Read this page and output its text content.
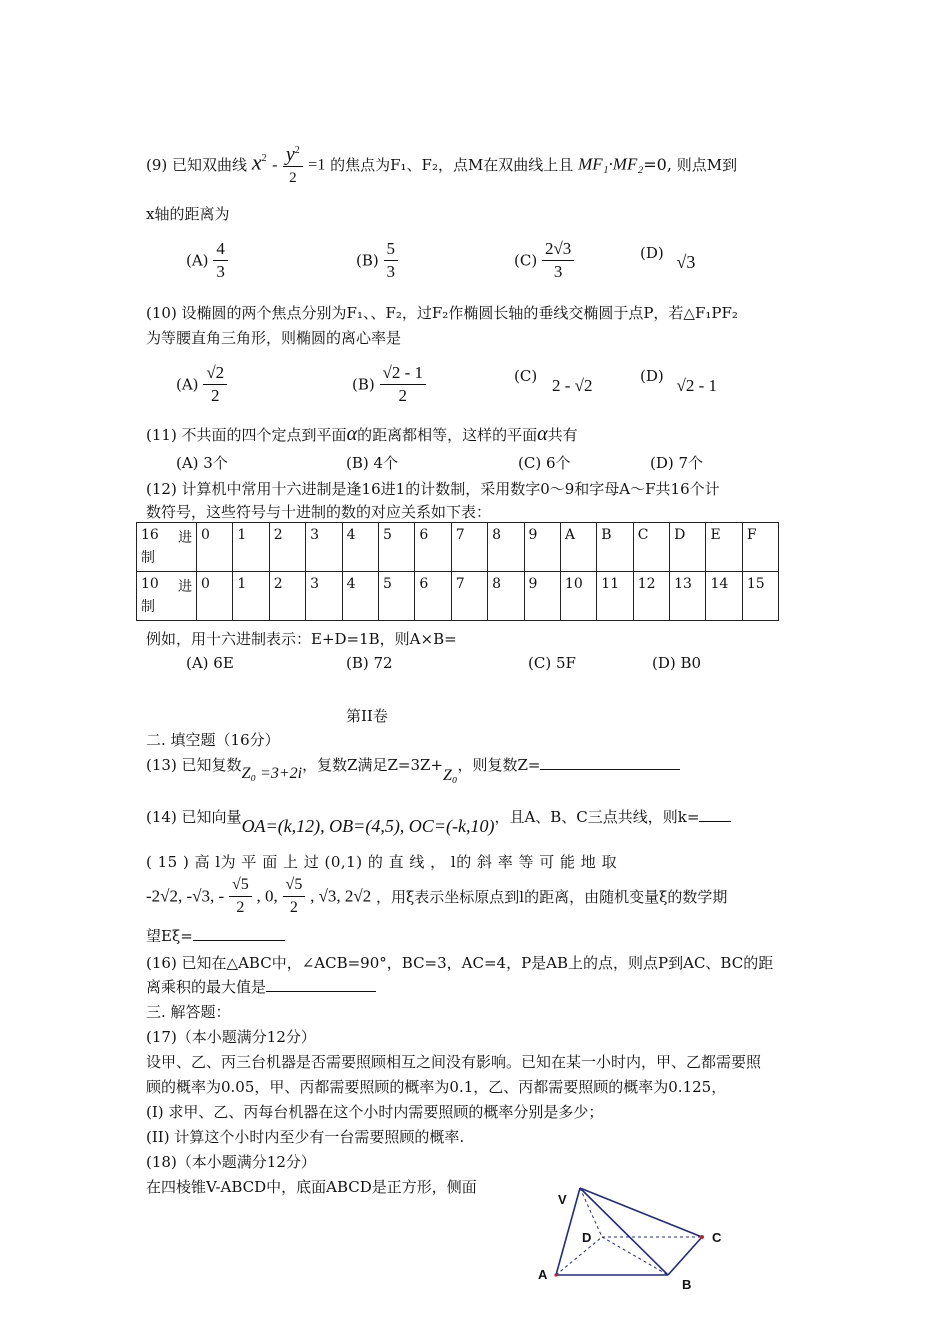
(9) 已知双曲线 $x^2 - \frac{y^2}{2} =1$ 的焦点为F₁、F₂，点M在双曲线上且 MF₁·MF₂=0, 则点M到
x轴的距离为
$(A) \frac{4}{3}$	$(B) \frac{5}{3}$	$(C) \frac{2√3}{3}$	(D) √3
(10) 设椭圆的两个焦点分别为F₁、、F₂，过F₂作椭圆长轴的垂线交椭圆于点P，若△F₁PF₂
为等腰直角三角形，则椭圆的离心率是
$(A) \frac{√2}{2}$	$(B) \frac{√2 - 1}{2}$	(C) 2 - √2	(D) √2 - 1
(11) 不共面的四个定点到平面α的距离都相等，这样的平面α共有
(A) 3个	(B) 4个	(C) 6个	(D) 7个
(12) 计算机中常用十六进制是逢16进1的计数制，采用数字0～9和字母A～F共16个计
数符号，这些符号与十进制的数的对应关系如下表：
16 进
制	0	1	2	3	4	5	6	7	8	9	A	B	C	D	E	F

10 进
制	0	1	2	3	4	5	6	7	8	9	10	11	12	13	14	15
例如，用十六进制表示：E+D=1B，则A×B=
(A) 6E	(B) 72	(C) 5F	(D) B0
第II卷
二. 填空题（16分）
(13) 已知复数Z₀ =3+2i，复数Z满足Z=3Z+Z₀，则复数Z=
(14) 已知向量OA=(k,12), OB=(4,5), OC=(-k,10)，且A、B、C三点共线，则k=
( 15 ) 高 l为 平 面 上 过 (0,1) 的 直 线 ， l的 斜 率 等 可 能 地 取
-2√2, -√3, - $\frac{√5}{2}$ , 0, $\frac{√5}{2}$ , √3, 2√2 ，用ξ表示坐标原点到l的距离，由随机变量ξ的数学期
望Eξ=
(16) 已知在△ABC中，∠ACB=90°，BC=3，AC=4，P是AB上的点，则点P到AC、BC的距
离乘积的最大值是
三. 解答题：
(17)（本小题满分12分）
设甲、乙、丙三台机器是否需要照顾相互之间没有影响。已知在某一小时内，甲、乙都需要照
顾的概率为0.05，甲、丙都需要照顾的概率为0.1，乙、丙都需要照顾的概率为0.125，
(I) 求甲、乙、丙每台机器在这个小时内需要照顾的概率分别是多少；
(II) 计算这个小时内至少有一台需要照顾的概率.
(18)（本小题满分12分）
在四棱锥V-ABCD中，底面ABCD是正方形，侧面
V
D	C
A
B
